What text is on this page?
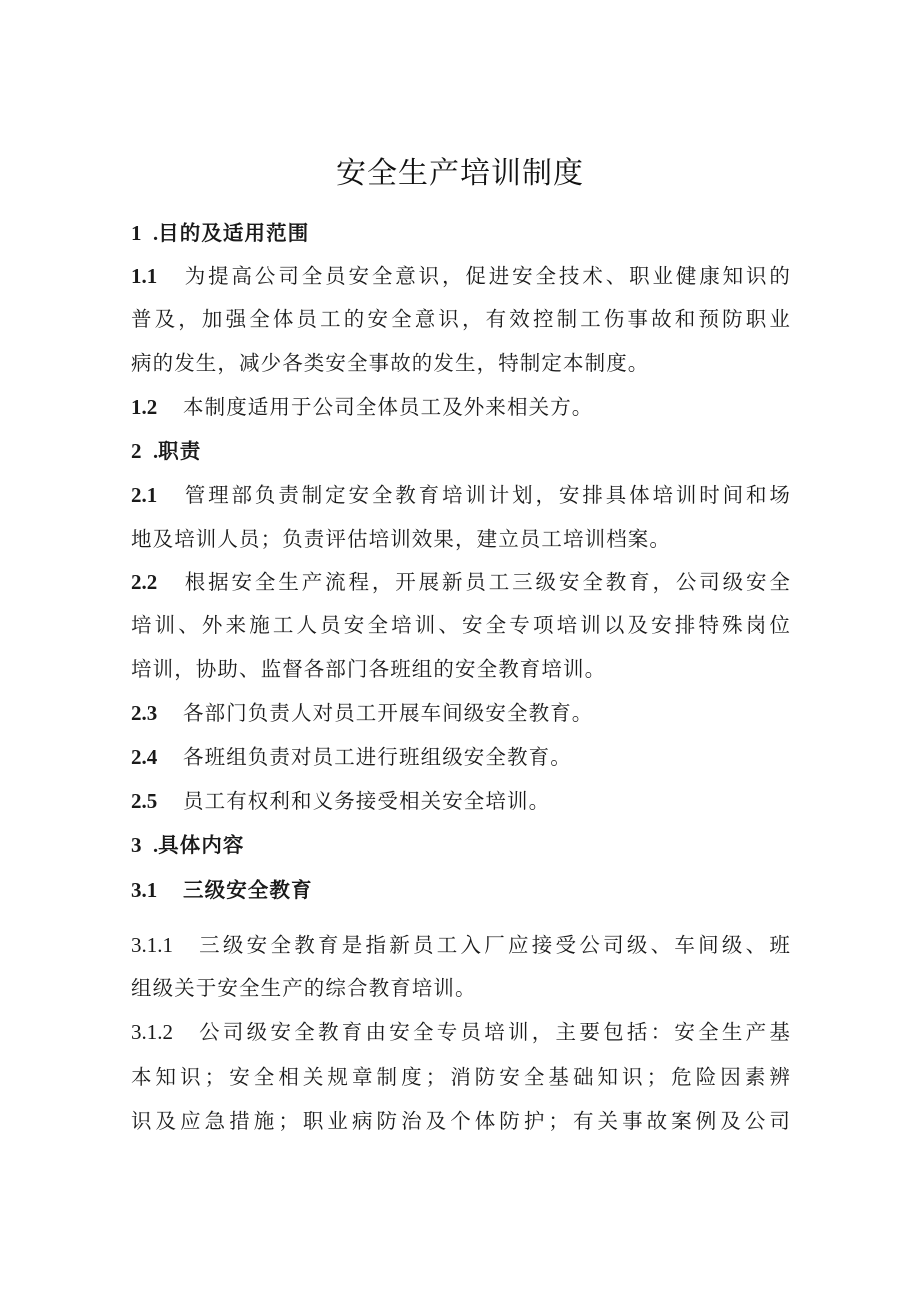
安全生产培训制度
1 .目的及适用范围
1.1 为提高公司全员安全意识，促进安全技术、职业健康知识的
普及，加强全体员工的安全意识，有效控制工伤事故和预防职业
病的发生，减少各类安全事故的发生，特制定本制度。
1.2 本制度适用于公司全体员工及外来相关方。
2 .职责
2.1 管理部负责制定安全教育培训计划，安排具体培训时间和场
地及培训人员；负责评估培训效果，建立员工培训档案。
2.2 根据安全生产流程，开展新员工三级安全教育，公司级安全
培训、外来施工人员安全培训、安全专项培训以及安排特殊岗位
培训，协助、监督各部门各班组的安全教育培训。
2.3 各部门负责人对员工开展车间级安全教育。
2.4 各班组负责对员工进行班组级安全教育。
2.5 员工有权利和义务接受相关安全培训。
3 .具体内容
3.1 三级安全教育
3.1.1 三级安全教育是指新员工入厂应接受公司级、车间级、班
组级关于安全生产的综合教育培训。
3.1.2 公司级安全教育由安全专员培训，主要包括：安全生产基
本知识；安全相关规章制度；消防安全基础知识；危险因素辨
识及应急措施；职业病防治及个体防护；有关事故案例及公司
